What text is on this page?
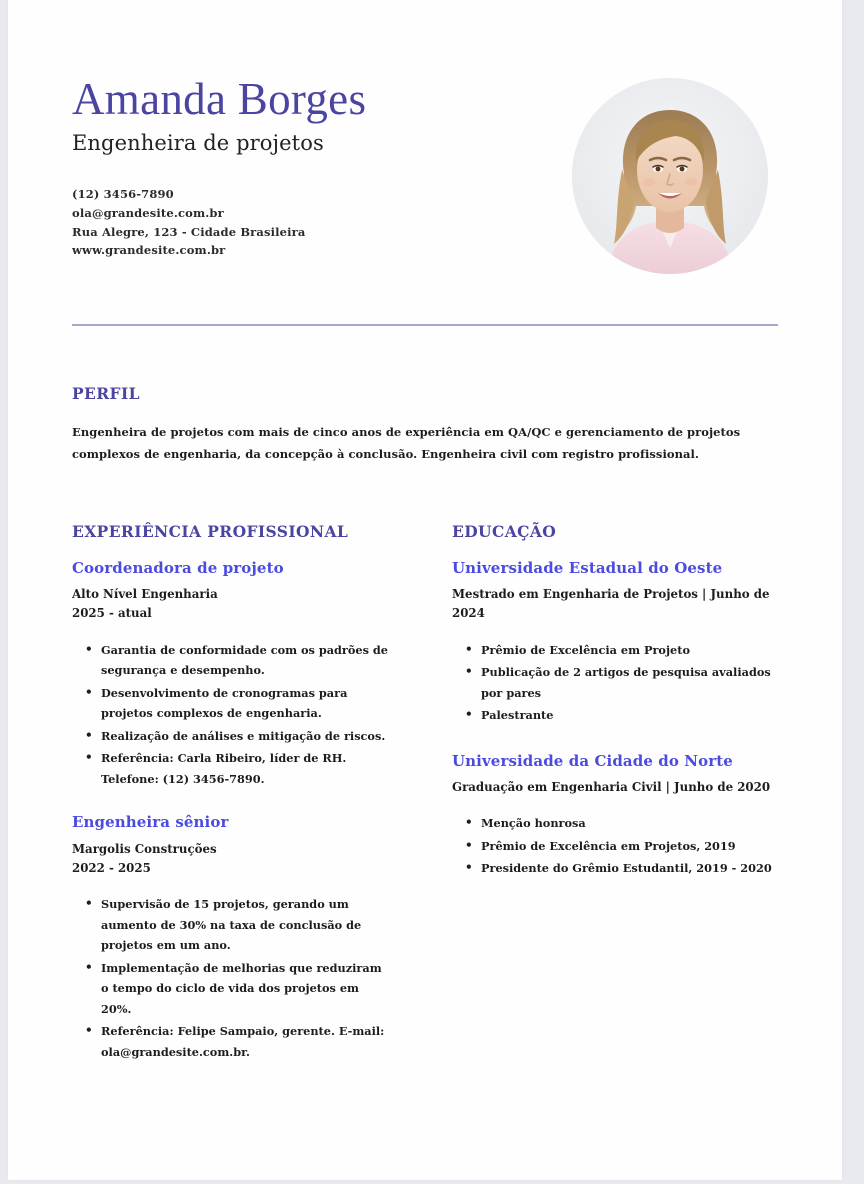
Amanda Borges
Engenheira de projetos
(12) 3456-7890
ola@grandesite.com.br
Rua Alegre, 123 - Cidade Brasileira
www.grandesite.com.br
PERFIL
Engenheira de projetos com mais de cinco anos de experiência em QA/QC e gerenciamento de projetos complexos de engenharia, da concepção à conclusão. Engenheira civil com registro profissional.
EXPERIÊNCIA PROFISSIONAL
Coordenadora de projeto
Alto Nível Engenharia
2025 - atual
• Garantia de conformidade com os padrões de segurança e desempenho.
• Desenvolvimento de cronogramas para projetos complexos de engenharia.
• Realização de análises e mitigação de riscos.
• Referência: Carla Ribeiro, líder de RH. Telefone: (12) 3456-7890.
Engenheira sênior
Margolis Construções
2022 - 2025
• Supervisão de 15 projetos, gerando um aumento de 30% na taxa de conclusão de projetos em um ano.
• Implementação de melhorias que reduziram o tempo do ciclo de vida dos projetos em 20%.
• Referência: Felipe Sampaio, gerente. E-mail: ola@grandesite.com.br.
EDUCAÇÃO
Universidade Estadual do Oeste
Mestrado em Engenharia de Projetos | Junho de 2024
• Prêmio de Excelência em Projeto
• Publicação de 2 artigos de pesquisa avaliados por pares
• Palestrante
Universidade da Cidade do Norte
Graduação em Engenharia Civil | Junho de 2020
• Menção honrosa
• Prêmio de Excelência em Projetos, 2019
• Presidente do Grêmio Estudantil, 2019 - 2020
